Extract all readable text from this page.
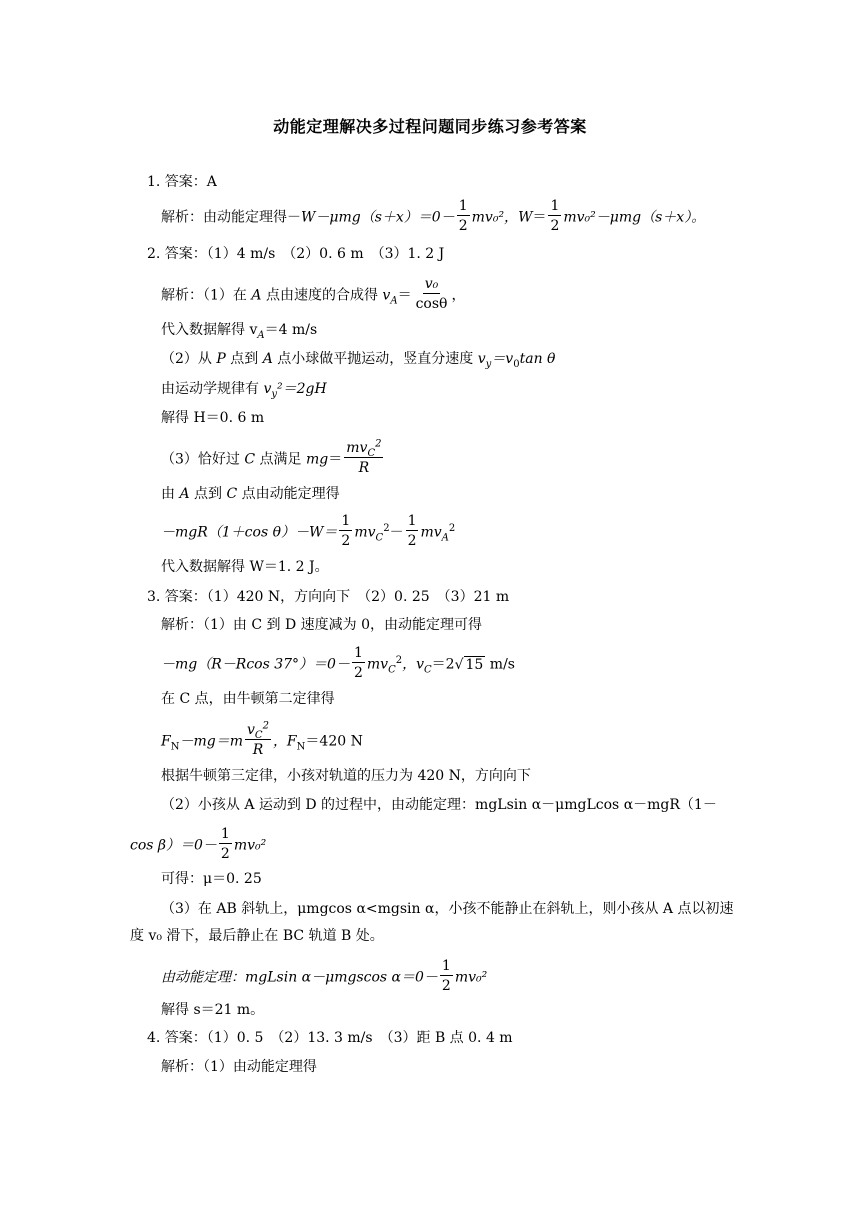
动能定理解决多过程问题同步练习参考答案
1. 答案：A
解析：由动能定理得$-W-\mu mg(s+x)=0- \frac{1}{2} mv_0^2$，$W= \frac{1}{2} mv_0^2-\mu mg(s+x)$。
2. 答案：（1）4 m/s　（2）0. 6 m　（3）1. 2 J
解析：（1）在 A 点由速度的合成得 $v_A= \frac{\text{v₀}}{\cos\theta}$ ，
代入数据解得 $v_A=4$ m/s
（2）从 P 点到 A 点小球做平抛运动，竖直分速度 $v_y=v_0\tan$ θ
由运动学规律有 $v_y^2=2gH$
解得 H＝0. 6 m
（3）恰好过 C 点满足 $mg= \frac{mv_C^2}{R}$
由 A 点到 C 点由动能定理得
－mgR（1＋cos $\theta)-W= \frac{1}{2} mv_C^2- \frac{1}{2} mv_A^2$
代入数据解得 W＝1. 2 J。
3. 答案：（1）420 N，方向向下　（2）0. 25　（3）21 m
解析：（1）由 C 到 D 速度减为 0，由动能定理可得
－mg（R－Rcos $37^\circ)=0- \frac{1}{2} mv_C^2$，$v_C=2√$ 15 m/s
在 C 点，由牛顿第二定律得
$F_N-mg=m \frac{v_C^2}{R}$ ，$F_N=420$ N
根据牛顿第三定律，小孩对轨道的压力为 420 N，方向向下
（2）小孩从 A 运动到 D 的过程中，由动能定理：mgLsin α－μmgLcos α－mgR（1－
$\cos \beta)=0- \frac{1}{2} mv_0^2$
可得：μ＝0. 25
（3）在 AB 斜轨上，μmgcos α<mgsin α，小孩不能静止在斜轨上，则小孩从 A 点以初速
度 v₀ 滑下，最后静止在 BC 轨道 B 处。
由动能定理：mgLsin α－μmgscos $\alpha=0- \frac{1}{2} mv_0^2$
解得 s＝21 m。
4. 答案：（1）0. 5　（2）13. 3 m/s　（3）距 B 点 0. 4 m
解析：（1）由动能定理得
